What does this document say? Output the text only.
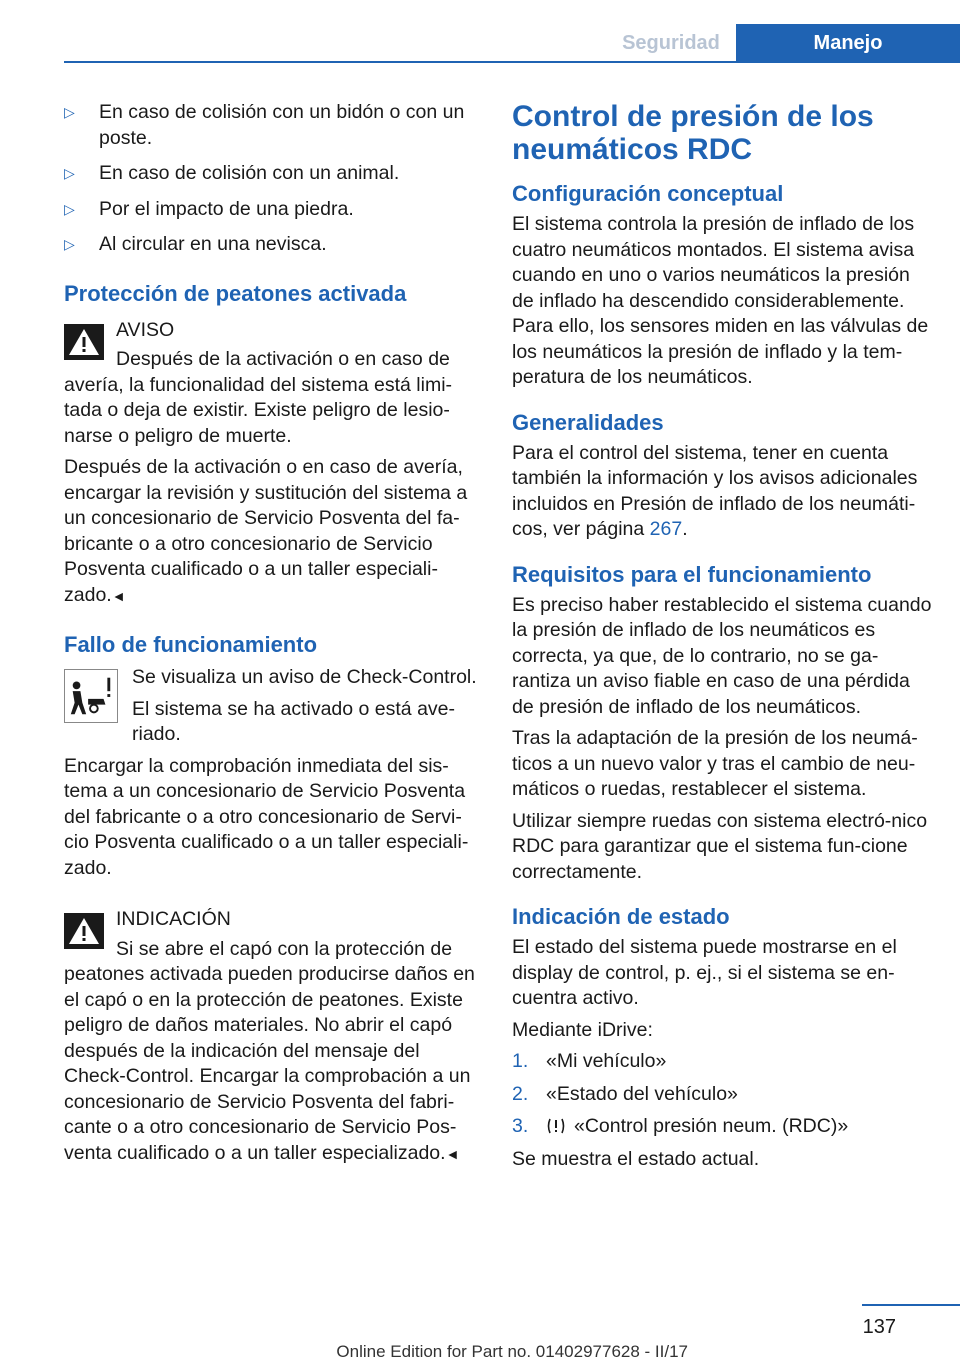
Seguridad	Manejo
▷ En caso de colisión con un bidón o con un poste.
▷ En caso de colisión con un animal.
▷ Por el impacto de una piedra.
▷ Al circular en una nevisca.
Protección de peatones activada
AVISO

Después de la activación o en caso de avería, la funcionalidad del sistema está limi-tada o deja de existir. Existe peligro de lesio-narse o peligro de muerte.

Después de la activación o en caso de avería, encargar la revisión y sustitución del sistema a un concesionario de Servicio Posventa del fa-bricante o a otro concesionario de Servicio Posventa cualificado o a un taller especiali-zado.◄

Fallo de funcionamiento

Se visualiza un aviso de Check-Control.

El sistema se ha activado o está ave-riado.

Encargar la comprobación inmediata del sis-tema a un concesionario de Servicio Posventa del fabricante o a otro concesionario de Servi-cio Posventa cualificado o a un taller especiali-zado.

INDICACIÓN

Si se abre el capó con la protección de peatones activada pueden producirse daños en el capó o en la protección de peatones. Existe peligro de daños materiales. No abrir el capó después de la indicación del mensaje del Check-Control. Encargar la comprobación a un concesionario de Servicio Posventa del fabri-cante o a otro concesionario de Servicio Pos-venta cualificado o a un taller especializado.◄

Control de presión de los neumáticos RDC
Configuración conceptual

El sistema controla la presión de inflado de los cuatro neumáticos montados. El sistema avisa cuando en uno o varios neumáticos la presión de inflado ha descendido considerablemente. Para ello, los sensores miden en las válvulas de los neumáticos la presión de inflado y la tem-peratura de los neumáticos.

Generalidades

Para el control del sistema, tener en cuenta también la información y los avisos adicionales incluidos en Presión de inflado de los neumáti-cos, ver página 267.

Requisitos para el funcionamiento

Es preciso haber restablecido el sistema cuando la presión de inflado de los neumáticos es correcta, ya que, de lo contrario, no se ga-rantiza un aviso fiable en caso de una pérdida de presión de inflado de los neumáticos.

Tras la adaptación de la presión de los neumá-ticos a un nuevo valor y tras el cambio de neu-máticos o ruedas, restablecer el sistema.

Utilizar siempre ruedas con sistema electró-nico RDC para garantizar que el sistema fun-cione correctamente.

Indicación de estado

El estado del sistema puede mostrarse en el display de control, p. ej., si el sistema se en-cuentra activo.

Mediante iDrive:

1. «Mi vehículo»
2. «Estado del vehículo»
3. «Control presión neum. (RDC)»

Se muestra el estado actual.

137
Online Edition for Part no. 01402977628 - II/17
